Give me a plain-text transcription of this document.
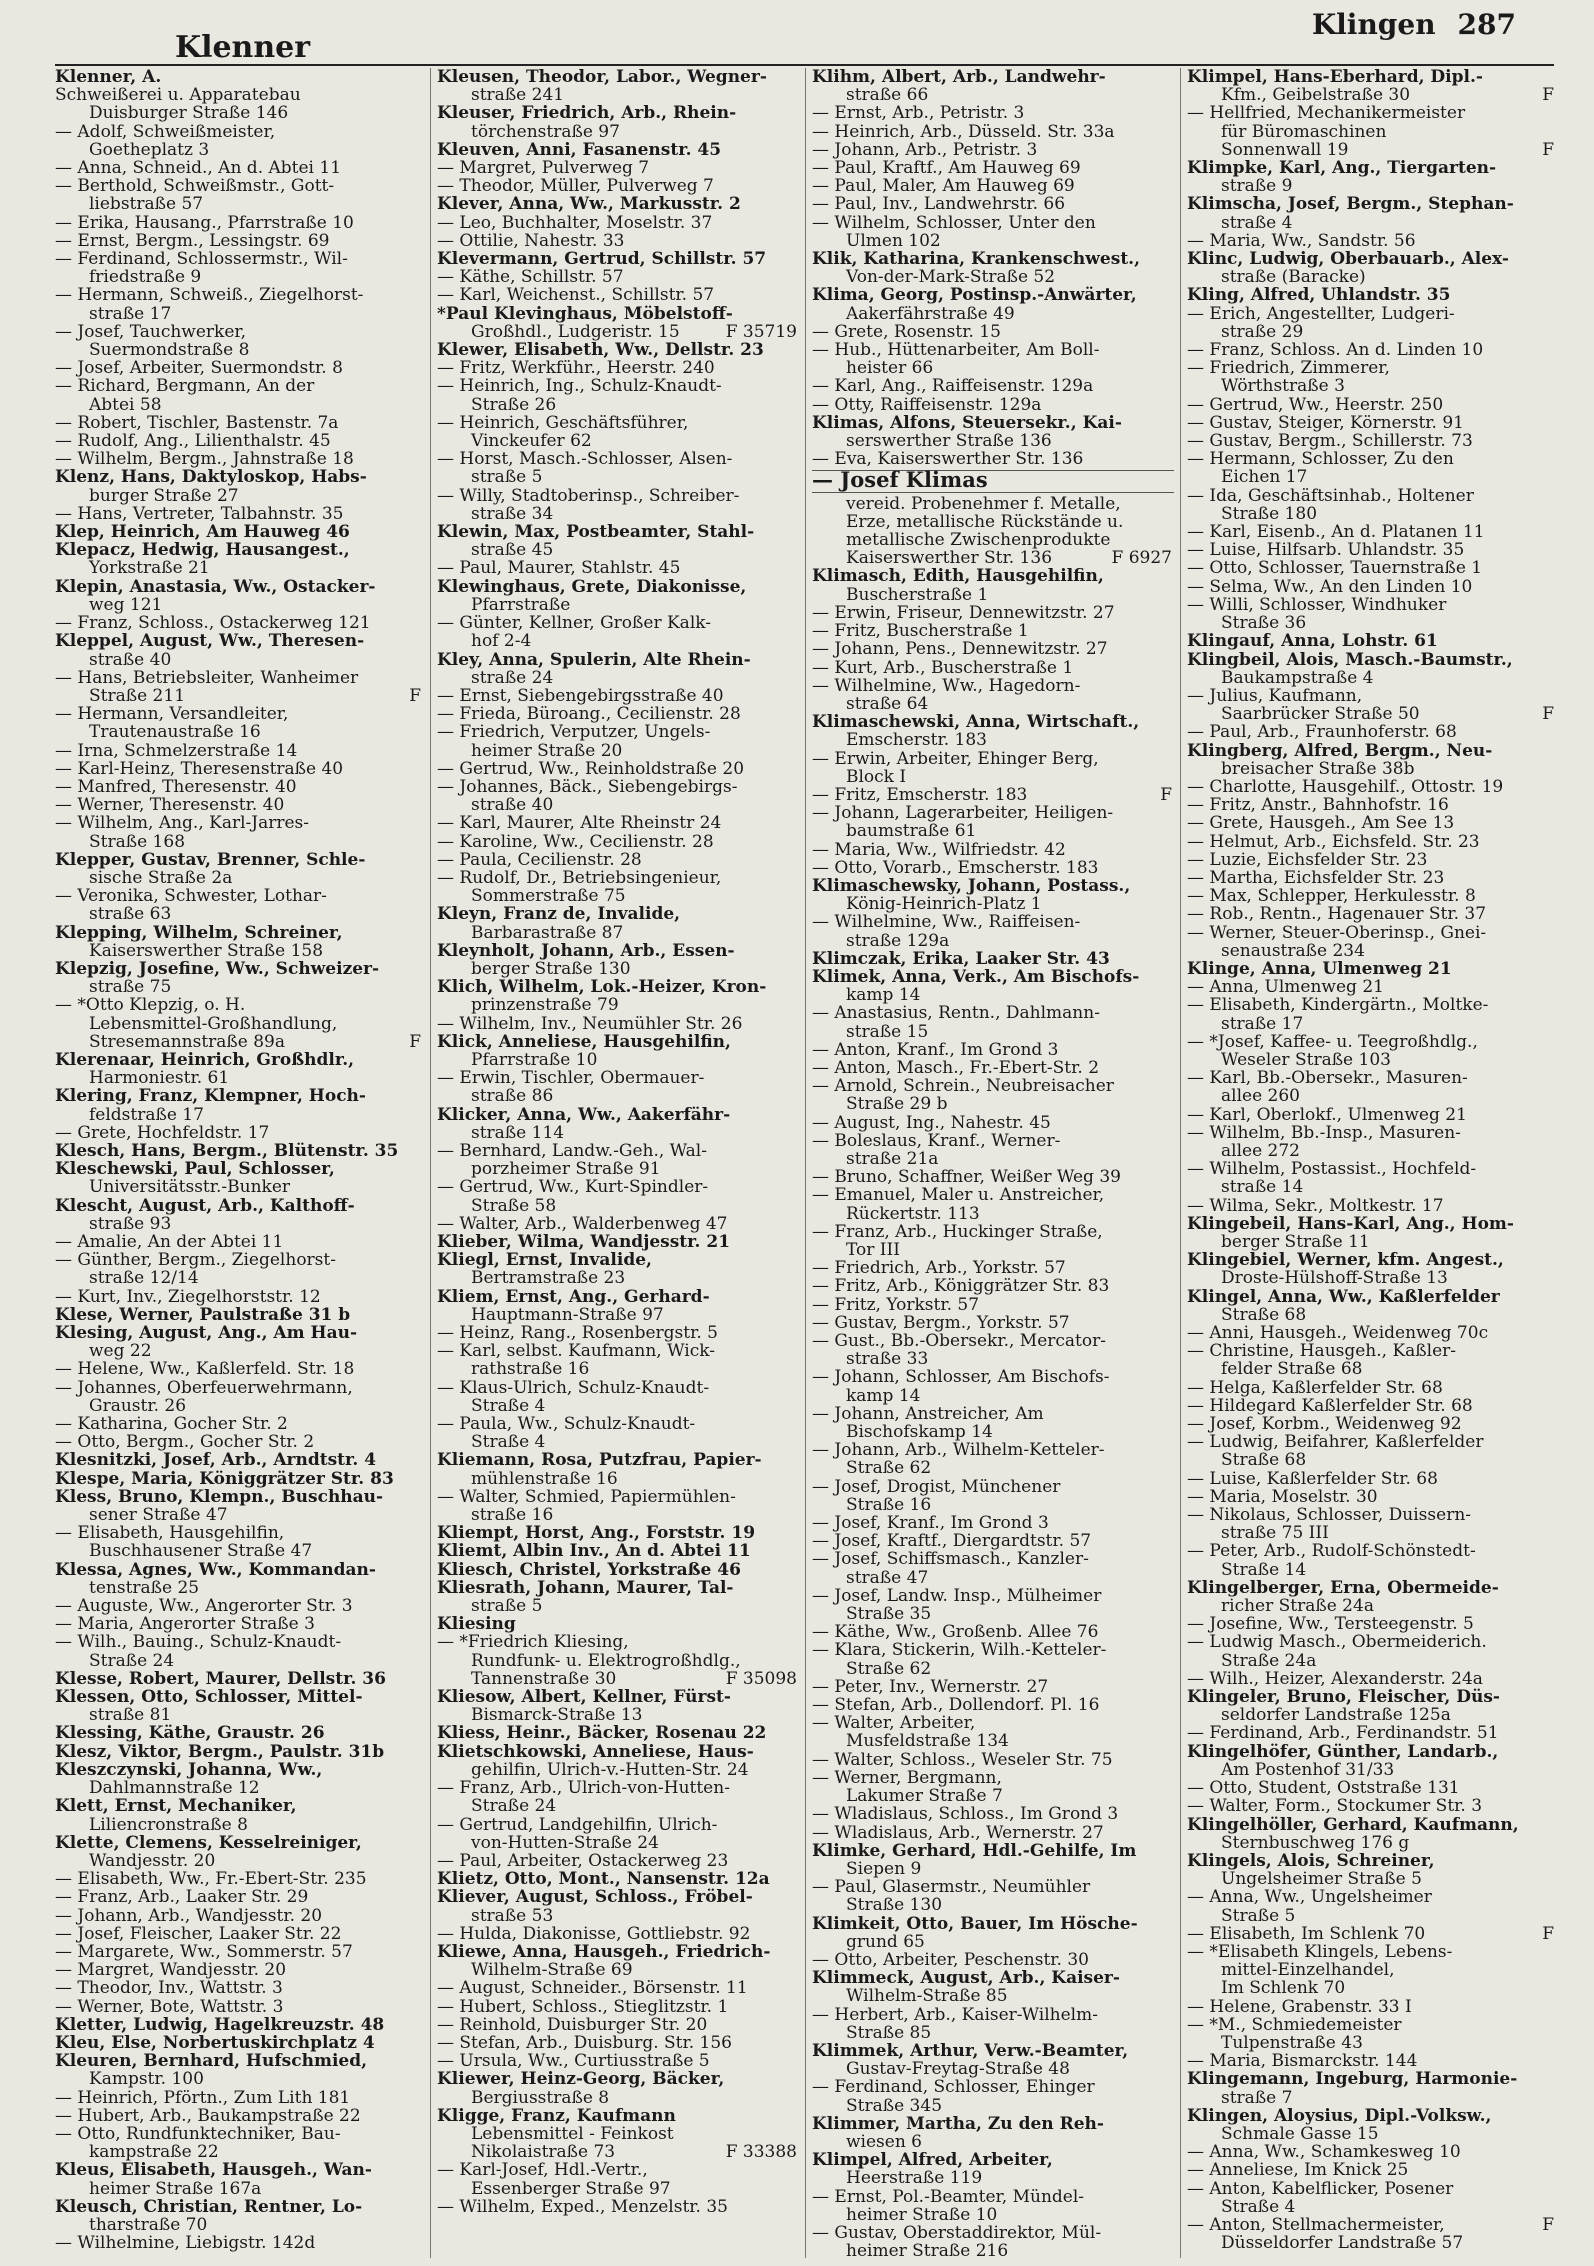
Klenner
Klingen 287
Klenner, A.
Schweißerei u. Apparatebau
Duisburger Straße 146
— Adolf, Schweißmeister,
Goetheplatz 3
— Anna, Schneid., An d. Abtei 11
— Berthold, Schweißmstr., Gott-
liebstraße 57
— Erika, Hausang., Pfarrstraße 10
— Ernst, Bergm., Lessingstr. 69
— Ferdinand, Schlossermstr., Wil-
friedstraße 9
— Hermann, Schweiß., Ziegelhorst-
straße 17
— Josef, Tauchwerker,
Suermondstraße 8
— Josef, Arbeiter, Suermondstr. 8
— Richard, Bergmann, An der
Abtei 58
— Robert, Tischler, Bastenstr. 7a
— Rudolf, Ang., Lilienthalstr. 45
— Wilhelm, Bergm., Jahnstraße 18
Klenz, Hans, Daktyloskop, Habs-
burger Straße 27
— Hans, Vertreter, Talbahnstr. 35
Klep, Heinrich, Am Hauweg 46
Klepacz, Hedwig, Hausangest.,
Yorkstraße 21
Klepin, Anastasia, Ww., Ostacker-
weg 121
— Franz, Schloss., Ostackerweg 121
Kleppel, August, Ww., Theresen-
straße 40
— Hans, Betriebsleiter, Wanheimer
F
Straße 211
— Hermann, Versandleiter,
Trautenaustraße 16
— Irna, Schmelzerstraße 14
— Karl-Heinz, Theresenstraße 40
— Manfred, Theresenstr. 40
— Werner, Theresenstr. 40
— Wilhelm, Ang., Karl-Jarres-
Straße 168
Klepper, Gustav, Brenner, Schle-
sische Straße 2a
— Veronika, Schwester, Lothar-
straße 63
Klepping, Wilhelm, Schreiner,
Kaiserswerther Straße 158
Klepzig, Josefine, Ww., Schweizer-
straße 75
— *Otto Klepzig, o. H.
Lebensmittel-Großhandlung,
F
Stresemannstraße 89a
Klerenaar, Heinrich, Großhdlr.,
Harmoniestr. 61
Klering, Franz, Klempner, Hoch-
feldstraße 17
— Grete, Hochfeldstr. 17
Klesch, Hans, Bergm., Blütenstr. 35
Kleschewski, Paul, Schlosser,
Universitätsstr.-Bunker
Klescht, August, Arb., Kalthoff-
straße 93
— Amalie, An der Abtei 11
— Günther, Bergm., Ziegelhorst-
straße 12/14
— Kurt, Inv., Ziegelhorststr. 12
Klese, Werner, Paulstraße 31 b
Klesing, August, Ang., Am Hau-
weg 22
— Helene, Ww., Kaßlerfeld. Str. 18
— Johannes, Oberfeuerwehrmann,
Graustr. 26
— Katharina, Gocher Str. 2
— Otto, Bergm., Gocher Str. 2
Klesnitzki, Josef, Arb., Arndtstr. 4
Klespe, Maria, Königgrätzer Str. 83
Kless, Bruno, Klempn., Buschhau-
sener Straße 47
— Elisabeth, Hausgehilfin,
Buschhausener Straße 47
Klessa, Agnes, Ww., Kommandan-
tenstraße 25
— Auguste, Ww., Angerorter Str. 3
— Maria, Angerorter Straße 3
— Wilh., Bauing., Schulz-Knaudt-
Straße 24
Klesse, Robert, Maurer, Dellstr. 36
Klessen, Otto, Schlosser, Mittel-
straße 81
Klessing, Käthe, Graustr. 26
Klesz, Viktor, Bergm., Paulstr. 31b
Kleszczynski, Johanna, Ww.,
Dahlmannstraße 12
Klett, Ernst, Mechaniker,
Liliencronstraße 8
Klette, Clemens, Kesselreiniger,
Wandjesstr. 20
— Elisabeth, Ww., Fr.-Ebert-Str. 235
— Franz, Arb., Laaker Str. 29
— Johann, Arb., Wandjesstr. 20
— Josef, Fleischer, Laaker Str. 22
— Margarete, Ww., Sommerstr. 57
— Margret, Wandjesstr. 20
— Theodor, Inv., Wattstr. 3
— Werner, Bote, Wattstr. 3
Kletter, Ludwig, Hagelkreuzstr. 48
Kleu, Else, Norbertuskirchplatz 4
Kleuren, Bernhard, Hufschmied,
Kampstr. 100
— Heinrich, Pförtn., Zum Lith 181
— Hubert, Arb., Baukampstraße 22
— Otto, Rundfunktechniker, Bau-
kampstraße 22
Kleus, Elisabeth, Hausgeh., Wan-
heimer Straße 167a
Kleusch, Christian, Rentner, Lo-
tharstraße 70
— Wilhelmine, Liebigstr. 142d
Kleusen, Theodor, Labor., Wegner-
straße 241
Kleuser, Friedrich, Arb., Rhein-
törchenstraße 97
Kleuven, Anni, Fasanenstr. 45
— Margret, Pulverweg 7
— Theodor, Müller, Pulverweg 7
Klever, Anna, Ww., Markusstr. 2
— Leo, Buchhalter, Moselstr. 37
— Ottilie, Nahestr. 33
Klevermann, Gertrud, Schillstr. 57
— Käthe, Schillstr. 57
— Karl, Weichenst., Schillstr. 57
*Paul Klevinghaus, Möbelstoff-
F 35719
Großhdl., Ludgeristr. 15
Klewer, Elisabeth, Ww., Dellstr. 23
— Fritz, Werkführ., Heerstr. 240
— Heinrich, Ing., Schulz-Knaudt-
Straße 26
— Heinrich, Geschäftsführer,
Vinckeufer 62
— Horst, Masch.-Schlosser, Alsen-
straße 5
— Willy, Stadtoberinsp., Schreiber-
straße 34
Klewin, Max, Postbeamter, Stahl-
straße 45
— Paul, Maurer, Stahlstr. 45
Klewinghaus, Grete, Diakonisse,
Pfarrstraße
— Günter, Kellner, Großer Kalk-
hof 2-4
Kley, Anna, Spulerin, Alte Rhein-
straße 24
— Ernst, Siebengebirgsstraße 40
— Frieda, Büroang., Cecilienstr. 28
— Friedrich, Verputzer, Ungels-
heimer Straße 20
— Gertrud, Ww., Reinholdstraße 20
— Johannes, Bäck., Siebengebirgs-
straße 40
— Karl, Maurer, Alte Rheinstr 24
— Karoline, Ww., Cecilienstr. 28
— Paula, Cecilienstr. 28
— Rudolf, Dr., Betriebsingenieur,
Sommerstraße 75
Kleyn, Franz de, Invalide,
Barbarastraße 87
Kleynholt, Johann, Arb., Essen-
berger Straße 130
Klich, Wilhelm, Lok.-Heizer, Kron-
prinzenstraße 79
— Wilhelm, Inv., Neumühler Str. 26
Klick, Anneliese, Hausgehilfin,
Pfarrstraße 10
— Erwin, Tischler, Obermauer-
straße 86
Klicker, Anna, Ww., Aakerfähr-
straße 114
— Bernhard, Landw.-Geh., Wal-
porzheimer Straße 91
— Gertrud, Ww., Kurt-Spindler-
Straße 58
— Walter, Arb., Walderbenweg 47
Klieber, Wilma, Wandjesstr. 21
Kliegl, Ernst, Invalide,
Bertramstraße 23
Kliem, Ernst, Ang., Gerhard-
Hauptmann-Straße 97
— Heinz, Rang., Rosenbergstr. 5
— Karl, selbst. Kaufmann, Wick-
rathstraße 16
— Klaus-Ulrich, Schulz-Knaudt-
Straße 4
— Paula, Ww., Schulz-Knaudt-
Straße 4
Kliemann, Rosa, Putzfrau, Papier-
mühlenstraße 16
— Walter, Schmied, Papiermühlen-
straße 16
Kliempt, Horst, Ang., Forststr. 19
Kliemt, Albin Inv., An d. Abtei 11
Kliesch, Christel, Yorkstraße 46
Kliesrath, Johann, Maurer, Tal-
straße 5
Kliesing
— *Friedrich Kliesing,
Rundfunk- u. Elektrogroßhdlg.,
F 35098
Tannenstraße 30
Kliesow, Albert, Kellner, Fürst-
Bismarck-Straße 13
Kliess, Heinr., Bäcker, Rosenau 22
Klietschkowski, Anneliese, Haus-
gehilfin, Ulrich-v.-Hutten-Str. 24
— Franz, Arb., Ulrich-von-Hutten-
Straße 24
— Gertrud, Landgehilfin, Ulrich-
von-Hutten-Straße 24
— Paul, Arbeiter, Ostackerweg 23
Klietz, Otto, Mont., Nansenstr. 12a
Kliever, August, Schloss., Fröbel-
straße 53
— Hulda, Diakonisse, Gottliebstr. 92
Kliewe, Anna, Hausgeh., Friedrich-
Wilhelm-Straße 69
— August, Schneider., Börsenstr. 11
— Hubert, Schloss., Stieglitzstr. 1
— Reinhold, Duisburger Str. 20
— Stefan, Arb., Duisburg. Str. 156
— Ursula, Ww., Curtiusstraße 5
Kliewer, Heinz-Georg, Bäcker,
Bergiusstraße 8
Kligge, Franz, Kaufmann
Lebensmittel - Feinkost
F 33388
Nikolaistraße 73
— Karl-Josef, Hdl.-Vertr.,
Essenberger Straße 97
— Wilhelm, Exped., Menzelstr. 35
Klihm, Albert, Arb., Landwehr-
straße 66
— Ernst, Arb., Petristr. 3
— Heinrich, Arb., Düsseld. Str. 33a
— Johann, Arb., Petristr. 3
— Paul, Kraftf., Am Hauweg 69
— Paul, Maler, Am Hauweg 69
— Paul, Inv., Landwehrstr. 66
— Wilhelm, Schlosser, Unter den
Ulmen 102
Klik, Katharina, Krankenschwest.,
Von-der-Mark-Straße 52
Klima, Georg, Postinsp.-Anwärter,
Aakerfährstraße 49
— Grete, Rosenstr. 15
— Hub., Hüttenarbeiter, Am Boll-
heister 66
— Karl, Ang., Raiffeisenstr. 129a
— Otty, Raiffeisenstr. 129a
Klimas, Alfons, Steuersekr., Kai-
serswerther Straße 136
— Eva, Kaiserswerther Str. 136
— Josef Klimas
vereid. Probenehmer f. Metalle,
Erze, metallische Rückstände u.
metallische Zwischenprodukte
F 6927
Kaiserswerther Str. 136
Klimasch, Edith, Hausgehilfin,
Buscherstraße 1
— Erwin, Friseur, Dennewitzstr. 27
— Fritz, Buscherstraße 1
— Johann, Pens., Dennewitzstr. 27
— Kurt, Arb., Buscherstraße 1
— Wilhelmine, Ww., Hagedorn-
straße 64
Klimaschewski, Anna, Wirtschaft.,
Emscherstr. 183
— Erwin, Arbeiter, Ehinger Berg,
Block I
F
— Fritz, Emscherstr. 183
— Johann, Lagerarbeiter, Heiligen-
baumstraße 61
— Maria, Ww., Wilfriedstr. 42
— Otto, Vorarb., Emscherstr. 183
Klimaschewsky, Johann, Postass.,
König-Heinrich-Platz 1
— Wilhelmine, Ww., Raiffeisen-
straße 129a
Klimczak, Erika, Laaker Str. 43
Klimek, Anna, Verk., Am Bischofs-
kamp 14
— Anastasius, Rentn., Dahlmann-
straße 15
— Anton, Kranf., Im Grond 3
— Anton, Masch., Fr.-Ebert-Str. 2
— Arnold, Schrein., Neubreisacher
Straße 29 b
— August, Ing., Nahestr. 45
— Boleslaus, Kranf., Werner-
straße 21a
— Bruno, Schaffner, Weißer Weg 39
— Emanuel, Maler u. Anstreicher,
Rückertstr. 113
— Franz, Arb., Huckinger Straße,
Tor III
— Friedrich, Arb., Yorkstr. 57
— Fritz, Arb., Königgrätzer Str. 83
— Fritz, Yorkstr. 57
— Gustav, Bergm., Yorkstr. 57
— Gust., Bb.-Obersekr., Mercator-
straße 33
— Johann, Schlosser, Am Bischofs-
kamp 14
— Johann, Anstreicher, Am
Bischofskamp 14
— Johann, Arb., Wilhelm-Ketteler-
Straße 62
— Josef, Drogist, Münchener
Straße 16
— Josef, Kranf., Im Grond 3
— Josef, Kraftf., Diergardtstr. 57
— Josef, Schiffsmasch., Kanzler-
straße 47
— Josef, Landw. Insp., Mülheimer
Straße 35
— Käthe, Ww., Großenb. Allee 76
— Klara, Stickerin, Wilh.-Ketteler-
Straße 62
— Peter, Inv., Wernerstr. 27
— Stefan, Arb., Dollendorf. Pl. 16
— Walter, Arbeiter,
Musfeldstraße 134
— Walter, Schloss., Weseler Str. 75
— Werner, Bergmann,
Lakumer Straße 7
— Wladislaus, Schloss., Im Grond 3
— Wladislaus, Arb., Wernerstr. 27
Klimke, Gerhard, Hdl.-Gehilfe, Im
Siepen 9
— Paul, Glasermstr., Neumühler
Straße 130
Klimkeit, Otto, Bauer, Im Hösche-
grund 65
— Otto, Arbeiter, Peschenstr. 30
Klimmeck, August, Arb., Kaiser-
Wilhelm-Straße 85
— Herbert, Arb., Kaiser-Wilhelm-
Straße 85
Klimmek, Arthur, Verw.-Beamter,
Gustav-Freytag-Straße 48
— Ferdinand, Schlosser, Ehinger
Straße 345
Klimmer, Martha, Zu den Reh-
wiesen 6
Klimpel, Alfred, Arbeiter,
Heerstraße 119
— Ernst, Pol.-Beamter, Mündel-
heimer Straße 10
— Gustav, Oberstaddirektor, Mül-
heimer Straße 216
Klimpel, Hans-Eberhard, Dipl.-
F
Kfm., Geibelstraße 30
— Hellfried, Mechanikermeister
für Büromaschinen
F
Sonnenwall 19
Klimpke, Karl, Ang., Tiergarten-
straße 9
Klimscha, Josef, Bergm., Stephan-
straße 4
— Maria, Ww., Sandstr. 56
Klinc, Ludwig, Oberbauarb., Alex-
straße (Baracke)
Kling, Alfred, Uhlandstr. 35
— Erich, Angestellter, Ludgeri-
straße 29
— Franz, Schloss. An d. Linden 10
— Friedrich, Zimmerer,
Wörthstraße 3
— Gertrud, Ww., Heerstr. 250
— Gustav, Steiger, Körnerstr. 91
— Gustav, Bergm., Schillerstr. 73
— Hermann, Schlosser, Zu den
Eichen 17
— Ida, Geschäftsinhab., Holtener
Straße 180
— Karl, Eisenb., An d. Platanen 11
— Luise, Hilfsarb. Uhlandstr. 35
— Otto, Schlosser, Tauernstraße 1
— Selma, Ww., An den Linden 10
— Willi, Schlosser, Windhuker
Straße 36
Klingauf, Anna, Lohstr. 61
Klingbeil, Alois, Masch.-Baumstr.,
Baukampstraße 4
— Julius, Kaufmann,
F
Saarbrücker Straße 50
— Paul, Arb., Fraunhoferstr. 68
Klingberg, Alfred, Bergm., Neu-
breisacher Straße 38b
— Charlotte, Hausgehilf., Ottostr. 19
— Fritz, Anstr., Bahnhofstr. 16
— Grete, Hausgeh., Am See 13
— Helmut, Arb., Eichsfeld. Str. 23
— Luzie, Eichsfelder Str. 23
— Martha, Eichsfelder Str. 23
— Max, Schlepper, Herkulesstr. 8
— Rob., Rentn., Hagenauer Str. 37
— Werner, Steuer-Oberinsp., Gnei-
senaustraße 234
Klinge, Anna, Ulmenweg 21
— Anna, Ulmenweg 21
— Elisabeth, Kindergärtn., Moltke-
straße 17
— *Josef, Kaffee- u. Teegroßhdlg.,
Weseler Straße 103
— Karl, Bb.-Obersekr., Masuren-
allee 260
— Karl, Oberlokf., Ulmenweg 21
— Wilhelm, Bb.-Insp., Masuren-
allee 272
— Wilhelm, Postassist., Hochfeld-
straße 14
— Wilma, Sekr., Moltkestr. 17
Klingebeil, Hans-Karl, Ang., Hom-
berger Straße 11
Klingebiel, Werner, kfm. Angest.,
Droste-Hülshoff-Straße 13
Klingel, Anna, Ww., Kaßlerfelder
Straße 68
— Anni, Hausgeh., Weidenweg 70c
— Christine, Hausgeh., Kaßler-
felder Straße 68
— Helga, Kaßlerfelder Str. 68
— Hildegard Kaßlerfelder Str. 68
— Josef, Korbm., Weidenweg 92
— Ludwig, Beifahrer, Kaßlerfelder
Straße 68
— Luise, Kaßlerfelder Str. 68
— Maria, Moselstr. 30
— Nikolaus, Schlosser, Duissern-
straße 75 III
— Peter, Arb., Rudolf-Schönstedt-
Straße 14
Klingelberger, Erna, Obermeide-
richer Straße 24a
— Josefine, Ww., Tersteegenstr. 5
— Ludwig Masch., Obermeiderich.
Straße 24a
— Wilh., Heizer, Alexanderstr. 24a
Klingeler, Bruno, Fleischer, Düs-
seldorfer Landstraße 125a
— Ferdinand, Arb., Ferdinandstr. 51
Klingelhöfer, Günther, Landarb.,
Am Postenhof 31/33
— Otto, Student, Oststraße 131
— Walter, Form., Stockumer Str. 3
Klingelhöller, Gerhard, Kaufmann,
Sternbuschweg 176 g
Klingels, Alois, Schreiner,
Ungelsheimer Straße 5
— Anna, Ww., Ungelsheimer
Straße 5
F
— Elisabeth, Im Schlenk 70
— *Elisabeth Klingels, Lebens-
mittel-Einzelhandel,
Im Schlenk 70
— Helene, Grabenstr. 33 I
— *M., Schmiedemeister
Tulpenstraße 43
— Maria, Bismarckstr. 144
Klingemann, Ingeburg, Harmonie-
straße 7
Klingen, Aloysius, Dipl.-Volksw.,
Schmale Gasse 15
— Anna, Ww., Schamkesweg 10
— Anneliese, Im Knick 25
— Anton, Kabelflicker, Posener
Straße 4
F
— Anton, Stellmachermeister,
Düsseldorfer Landstraße 57
